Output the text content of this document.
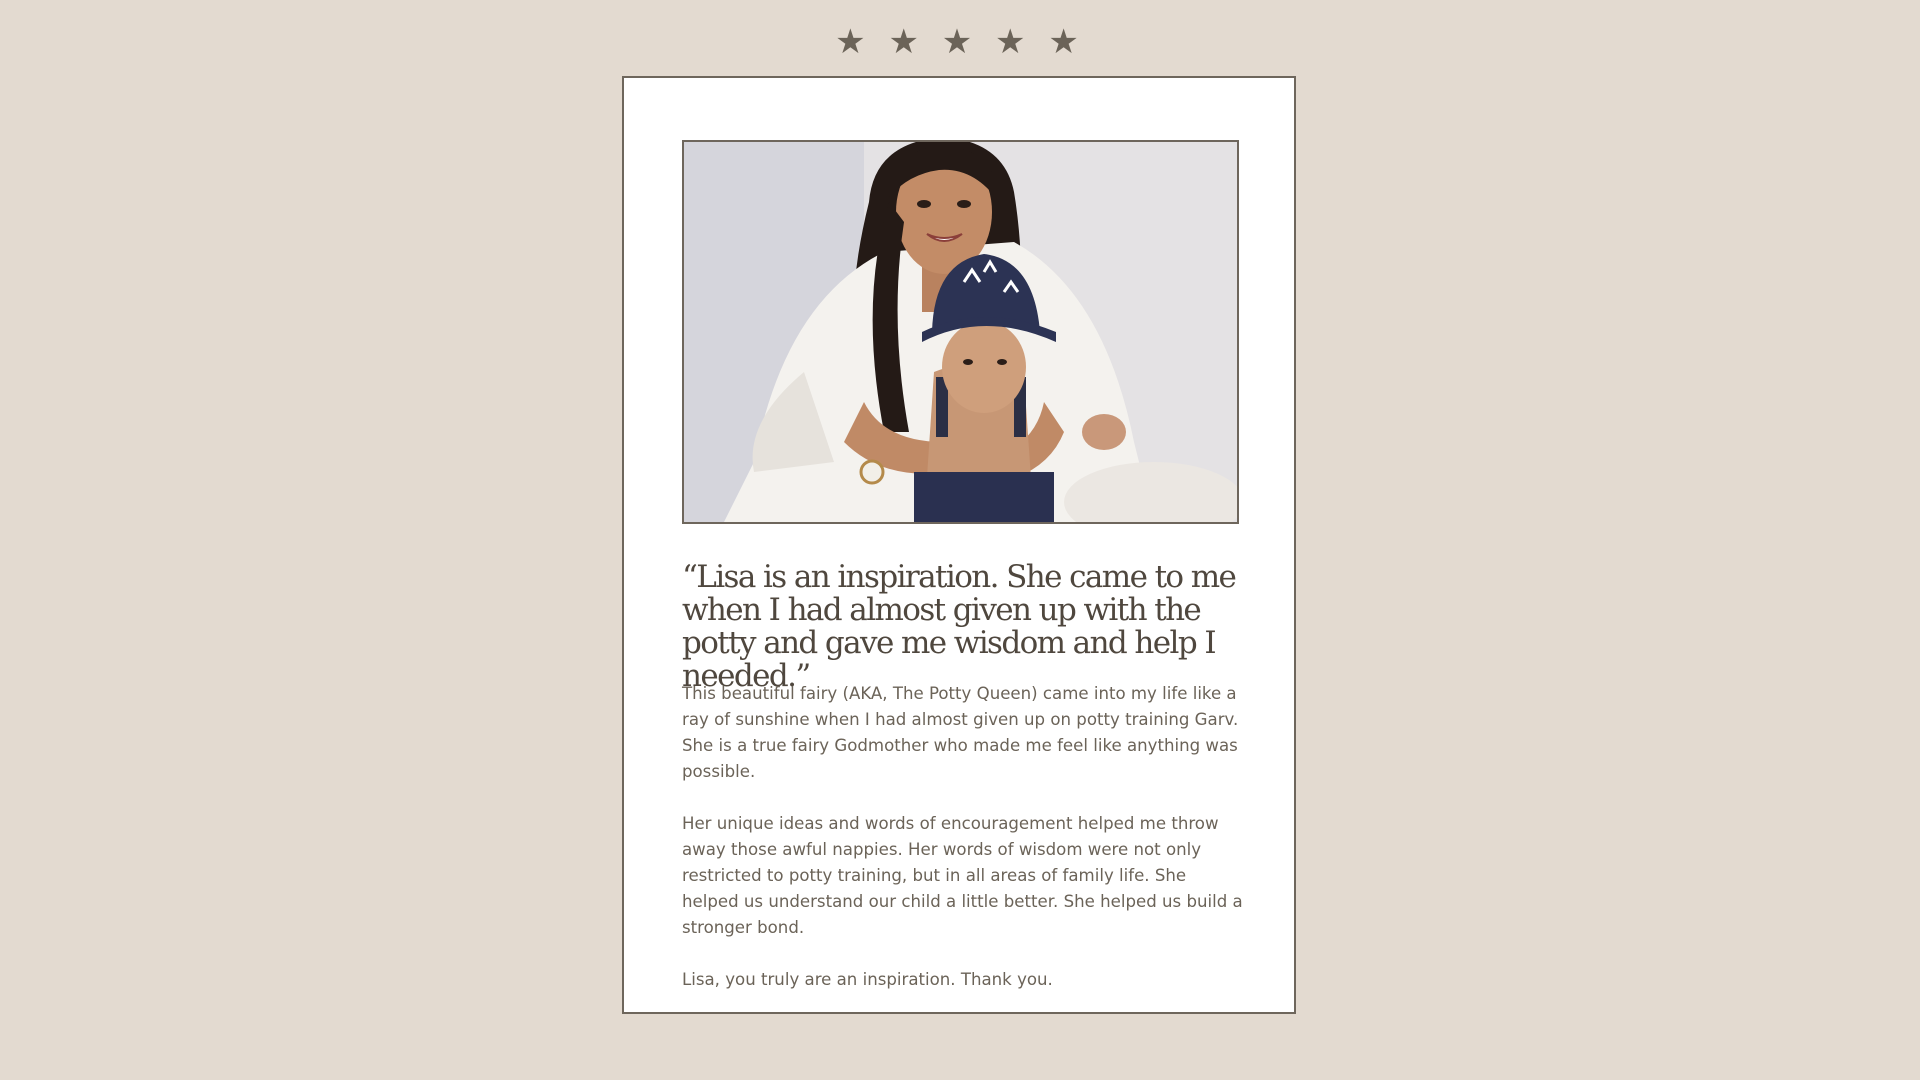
★ ★ ★ ★ ★
“Lisa is an inspiration. She came to me when I had almost given up with the potty and gave me wisdom and help I needed.”

This beautiful fairy (AKA, The Potty Queen) came into my life like a ray of sunshine when I had almost given up on potty training Garv. She is a true fairy Godmother who made me feel like anything was possible.

Her unique ideas and words of encouragement helped me throw away those awful nappies. Her words of wisdom were not only restricted to potty training, but in all areas of family life. She helped us understand our child a little better. She helped us build a stronger bond.

Lisa, you truly are an inspiration. Thank you.
